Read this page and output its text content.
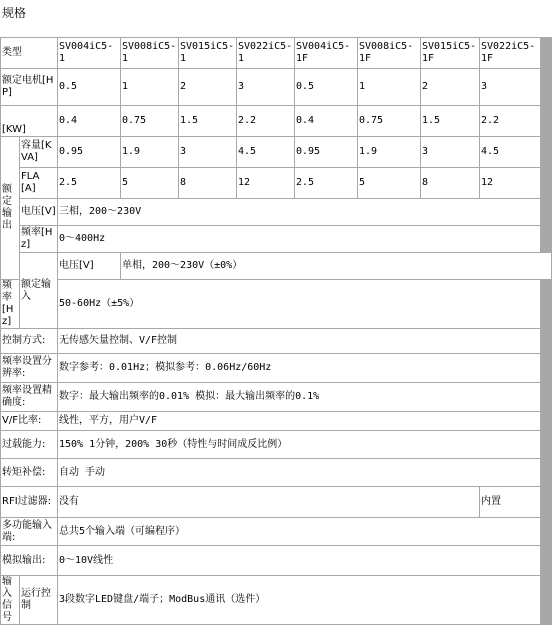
规格
类型		SV004iC5-1	SV008iC5-1	SV015iC5-1	SV022iC5-1	SV004iC5-1F	SV008iC5-1F	SV015iC5-1F	SV022iC5-1F
额定电机[HP]		0.5	1	2	3	0.5	1	2	3
[KW]		0.4	0.75	1.5	2.2	0.4	0.75	1.5	2.2
额定输出	容量[KVA]	0.95	1.9	3	4.5	0.95	1.9	3	4.5
	FLA [A]	2.5	5	8	12	2.5	5	8	12
	电压[V]	三相，200～230V							
	频率[Hz]	0～400Hz							
	额定输入	电压[V]	单相，200～230V（±0%）						
频率[Hz]		50-60Hz（±5%）							
控制方式:		无传感矢量控制、V/F控制							
频率设置分辨率:		数字参考：0.01Hz；模拟参考：0.06Hz/60Hz							
频率设置精确度:		数字：最大输出频率的0.01% 模拟：最大输出频率的0.1%							
V/F比率:		线性，平方，用户V/F							
过载能力:		150% 1分钟，200% 30秒（特性与时间成反比例）							
转矩补偿:		自动 手动							
RFI过滤器:		没有							内置
多功能输入端:		总共5个输入端（可编程序）							
模拟输出:		0～10V线性							
输入信号	运行控制	3段数字LED键盘/端子；ModBus通讯（选件）							
